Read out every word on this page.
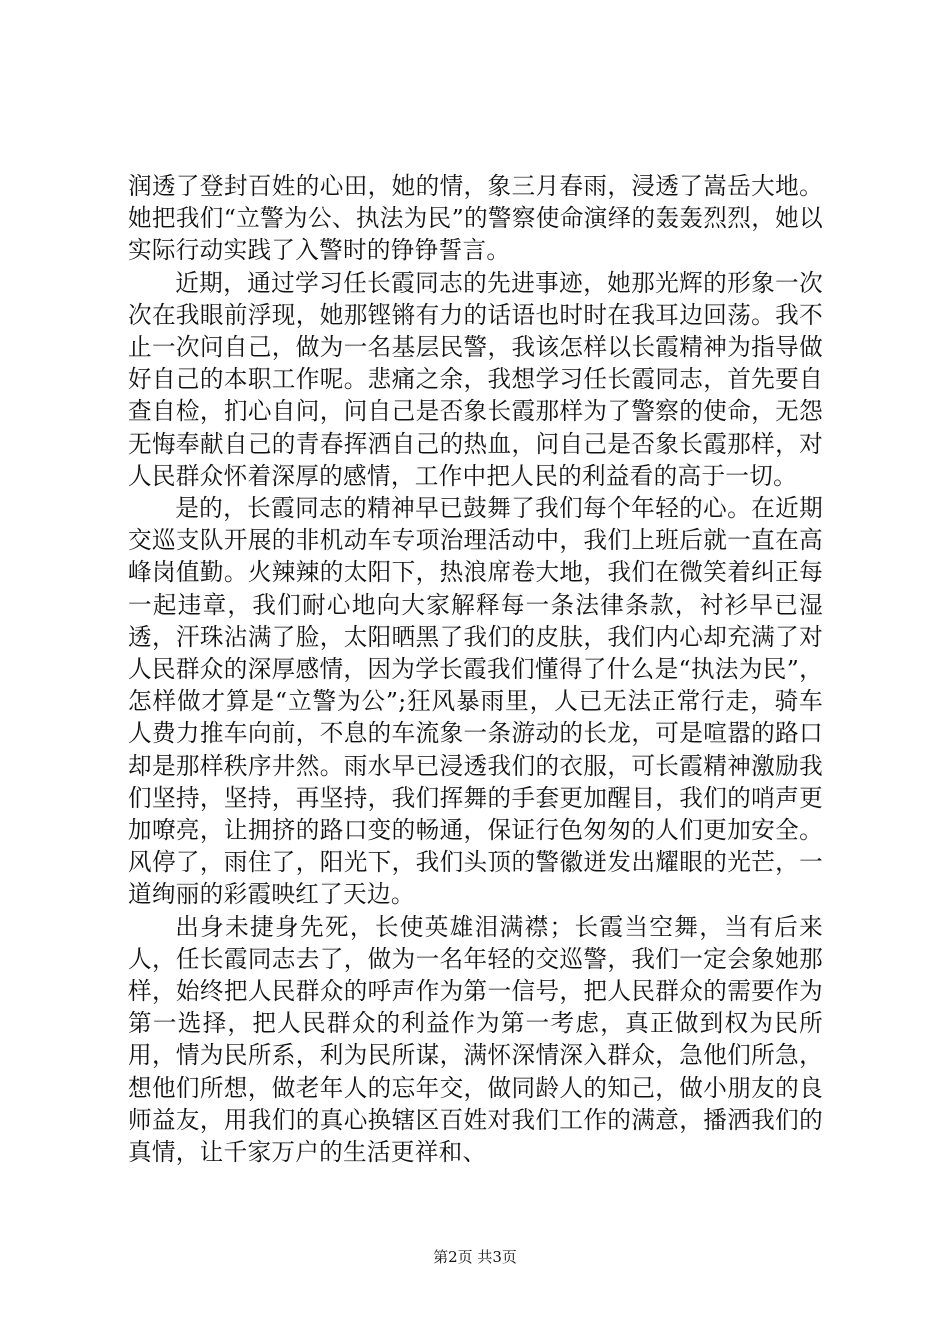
润透了登封百姓的心田，她的情，象三月春雨，浸透了嵩岳大地。她把我们“立警为公、执法为民”的警察使命演绎的轰轰烈烈，她以实际行动实践了入警时的铮铮誓言。

近期，通过学习任长霞同志的先进事迹，她那光辉的形象一次次在我眼前浮现，她那铿锵有力的话语也时时在我耳边回荡。我不止一次问自己，做为一名基层民警，我该怎样以长霞精神为指导做好自己的本职工作呢。悲痛之余，我想学习任长霞同志，首先要自查自检，扪心自问，问自己是否象长霞那样为了警察的使命，无怨无悔奉献自己的青春挥洒自己的热血，问自己是否象长霞那样，对人民群众怀着深厚的感情，工作中把人民的利益看的高于一切。

是的，长霞同志的精神早已鼓舞了我们每个年轻的心。在近期交巡支队开展的非机动车专项治理活动中，我们上班后就一直在高峰岗值勤。火辣辣的太阳下，热浪席卷大地，我们在微笑着纠正每一起违章，我们耐心地向大家解释每一条法律条款，衬衫早已湿透，汗珠沾满了脸，太阳晒黑了我们的皮肤，我们内心却充满了对人民群众的深厚感情，因为学长霞我们懂得了什么是“执法为民”，怎样做才算是“立警为公”;狂风暴雨里，人已无法正常行走，骑车人费力推车向前，不息的车流象一条游动的长龙，可是喧嚣的路口却是那样秩序井然。雨水早已浸透我们的衣服，可长霞精神激励我们坚持，坚持，再坚持，我们挥舞的手套更加醒目，我们的哨声更加嘹亮，让拥挤的路口变的畅通，保证行色匆匆的人们更加安全。风停了，雨住了，阳光下，我们头顶的警徽迸发出耀眼的光芒，一道绚丽的彩霞映红了天边。

出身未捷身先死，长使英雄泪满襟；长霞当空舞，当有后来人，任长霞同志去了，做为一名年轻的交巡警，我们一定会象她那样，始终把人民群众的呼声作为第一信号，把人民群众的需要作为第一选择，把人民群众的利益作为第一考虑，真正做到权为民所用，情为民所系，利为民所谋，满怀深情深入群众，急他们所急，想他们所想，做老年人的忘年交，做同龄人的知己，做小朋友的良师益友，用我们的真心换辖区百姓对我们工作的满意，播洒我们的真情，让千家万户的生活更祥和、

第2页 共3页
